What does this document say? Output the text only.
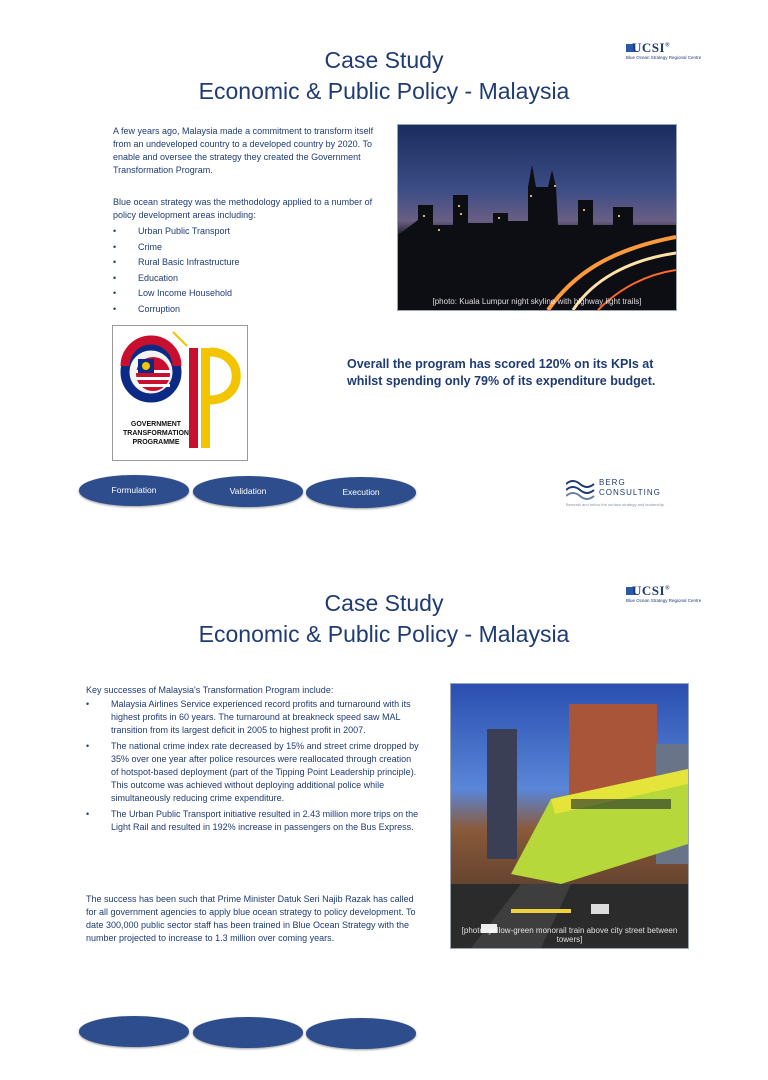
Case Study
Economic & Public Policy - Malaysia
UCSI®
Blue Ocean Strategy Regional Centre
A few years ago, Malaysia made a commitment to transform itself from an undeveloped country to a developed country by 2020. To enable and oversee the strategy they created the Government Transformation Program.
Blue ocean strategy was the methodology applied to a number of policy development areas including:
• Urban Public Transport
• Crime
• Rural Basic Infrastructure
• Education
• Low Income Household
• Corruption
[photo: Kuala Lumpur night skyline with highway light trails]
GOVERNMENT
TRANSFORMATION
PROGRAMME
Overall the program has scored 120% on its KPIs at
whilst spending only 79% of its expenditure budget.
Formulation	Validation	Execution
BERG
CONSULTING
Beneath and below the surface strategy and leadership
Case Study
Economic & Public Policy - Malaysia
UCSI®
Blue Ocean Strategy Regional Centre
Key successes of Malaysia's Transformation Program include:
• Malaysia Airlines Service experienced record profits and turnaround with its highest profits in 60 years. The turnaround at breakneck speed saw MAL transition from its largest deficit in 2005 to highest profit in 2007.
• The national crime index rate decreased by 15% and street crime dropped by 35% over one year after police resources were reallocated through creation of hotspot-based deployment (part of the Tipping Point Leadership principle). This outcome was achieved without deploying additional police while simultaneously reducing crime expenditure.
• The Urban Public Transport initiative resulted in 2.43 million more trips on the Light Rail and resulted in 192% increase in passengers on the Bus Express.
The success has been such that Prime Minister Datuk Seri Najib Razak has called for all government agencies to apply blue ocean strategy to policy development. To date 300,000 public sector staff has been trained in Blue Ocean Strategy with the number projected to increase to 1.3 million over coming years.
[photo: yellow-green monorail train above city street between towers]
